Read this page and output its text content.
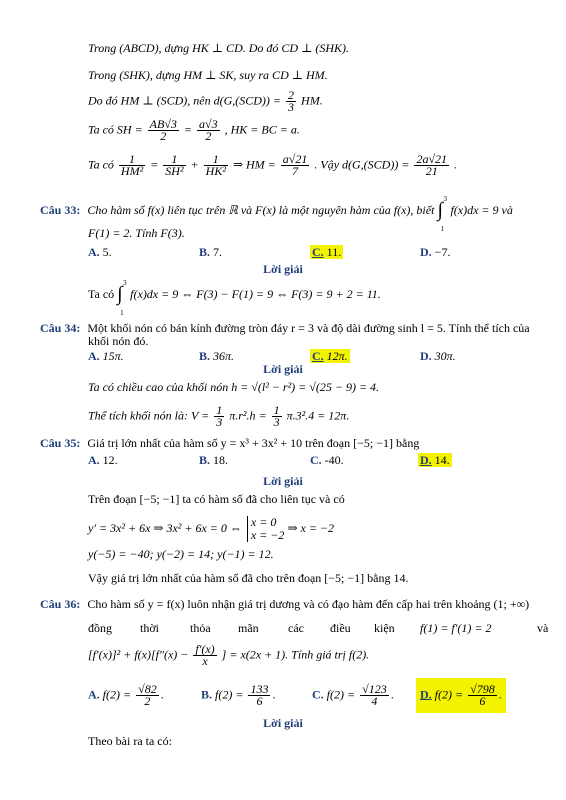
Trong (ABCD), dựng HK ⊥ CD. Do đó CD ⊥ (SHK).
Trong (SHK), dựng HM ⊥ SK, suy ra CD ⊥ HM.
Do đó HM ⊥ (SCD), nên $d(G,(SCD)) = \frac{2}{3}$ HM.
Ta có SH = $\frac{AB√3}{2} = \frac{a√3}{2}$ , HK = BC = a.
Ta có $\frac{1}{\text{HM²}} = \frac{1}{\text{SH²}} + \frac{1}{\text{HK²}}$ ⇒ HM = $\frac{a√21}{7}$ . Vậy $d(G,(SCD)) = \frac{2a√21}{21}$ .
Câu 33: Cho hàm số f(x) liên tục trên ℝ và F(x) là một nguyên hàm của f(x), biết ∫ 3
1
f(x)dx = 9 và
F(1) = 2. Tính F(3).
A. 5.	B. 7.	C. 11.	D. −7.
Lời giải
Ta có ∫ 3
1
f(x)dx = 9 ⇔ F(3) − F(1) = 9 ⇔ F(3) = 9 + 2 = 11.
Câu 34: Một khối nón có bán kính đường tròn đáy r = 3 và độ dài đường sinh l = 5. Tính thể tích của
khối nón đó.
A. 15π.	B. 36π.	C. 12π.	D. 30π.
Lời giải
Ta có chiều cao của khối nón h = √(l² − r²) = √(25 − 9) = 4.
Thể tích khối nón là: $V = \frac{1}{3} \pi.r^2.h = \frac{1}{3} \pi.3^2.4 = 12\pi$.
Câu 35: Giá trị lớn nhất của hàm số y = x³ + 3x² + 10 trên đoạn [−5; −1] bằng
A. 12.	B. 18.	C. -40.	D. 14.
Lời giải
Trên đoạn [−5; −1] ta có hàm số đã cho liên tục và có
y′ = 3x² + 6x ⇒ 3x² + 6x = 0 ⇔ x = 0
x = −2
⇒ x = −2
y(−5) = −40; y(−2) = 14; y(−1) = 12.
Vậy giá trị lớn nhất của hàm số đã cho trên đoạn [−5; −1] bằng 14.
Câu 36: Cho hàm số y = f(x) luôn nhận giá trị dương và có đạo hàm đến cấp hai trên khoảng (1; +∞)
đồng thời	thỏa mãn các điều kiện f(1) = f′(1) = 2	và
$[f'(x)]^2 + f(x)[f''(x) - \frac{f'(x)}{x}$ ] = x(2x + 1). Tính giá trị f(2).
A. $f(2) = \frac{√82}{2}$ .	B. $f(2) = \frac{133}{6}$ .	C. $f(2) = \frac{√123}{4}$ .	D. $f(2) = \frac{√798}{6}$ .
Lời giải
Theo bài ra ta có:
